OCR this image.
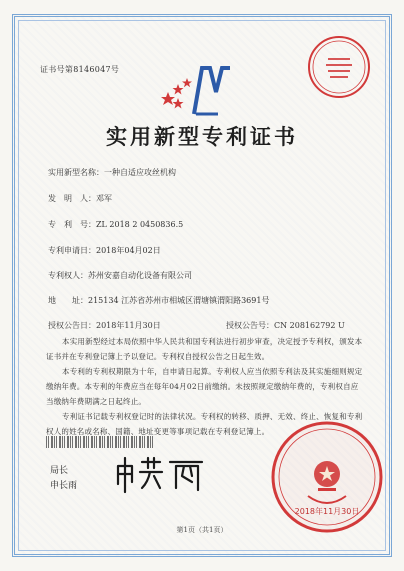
证书号第8146047号
实用新型专利证书
实用新型名称：一种自适应攻丝机构
发　明　人：邓军
专　利　号：ZL 2018 2 0450836.5
专利申请日：2018年04月02日
专利权人：苏州安嘉自动化设备有限公司
地　　址：215134 江苏省苏州市相城区渭塘镇渭阳路3691号
授权公告日：2018年11月30日	授权公告号：CN 208162792 U
本实用新型经过本局依照中华人民共和国专利法进行初步审查，决定授予专利权，颁发本证书并在专利登记簿上予以登记。专利权自授权公告之日起生效。
本专利的专利权期限为十年，自申请日起算。专利权人应当依照专利法及其实施细则规定缴纳年费。本专利的年费应当在每年04月02日前缴纳。未按照规定缴纳年费的，专利权自应当缴纳年费期满之日起终止。
专利证书记载专利权登记时的法律状况。专利权的转移、质押、无效、终止、恢复和专利权人的姓名或名称、国籍、地址变更等事项记载在专利登记簿上。
局长
申长雨
2018年11月30日
第1页（共1页）
